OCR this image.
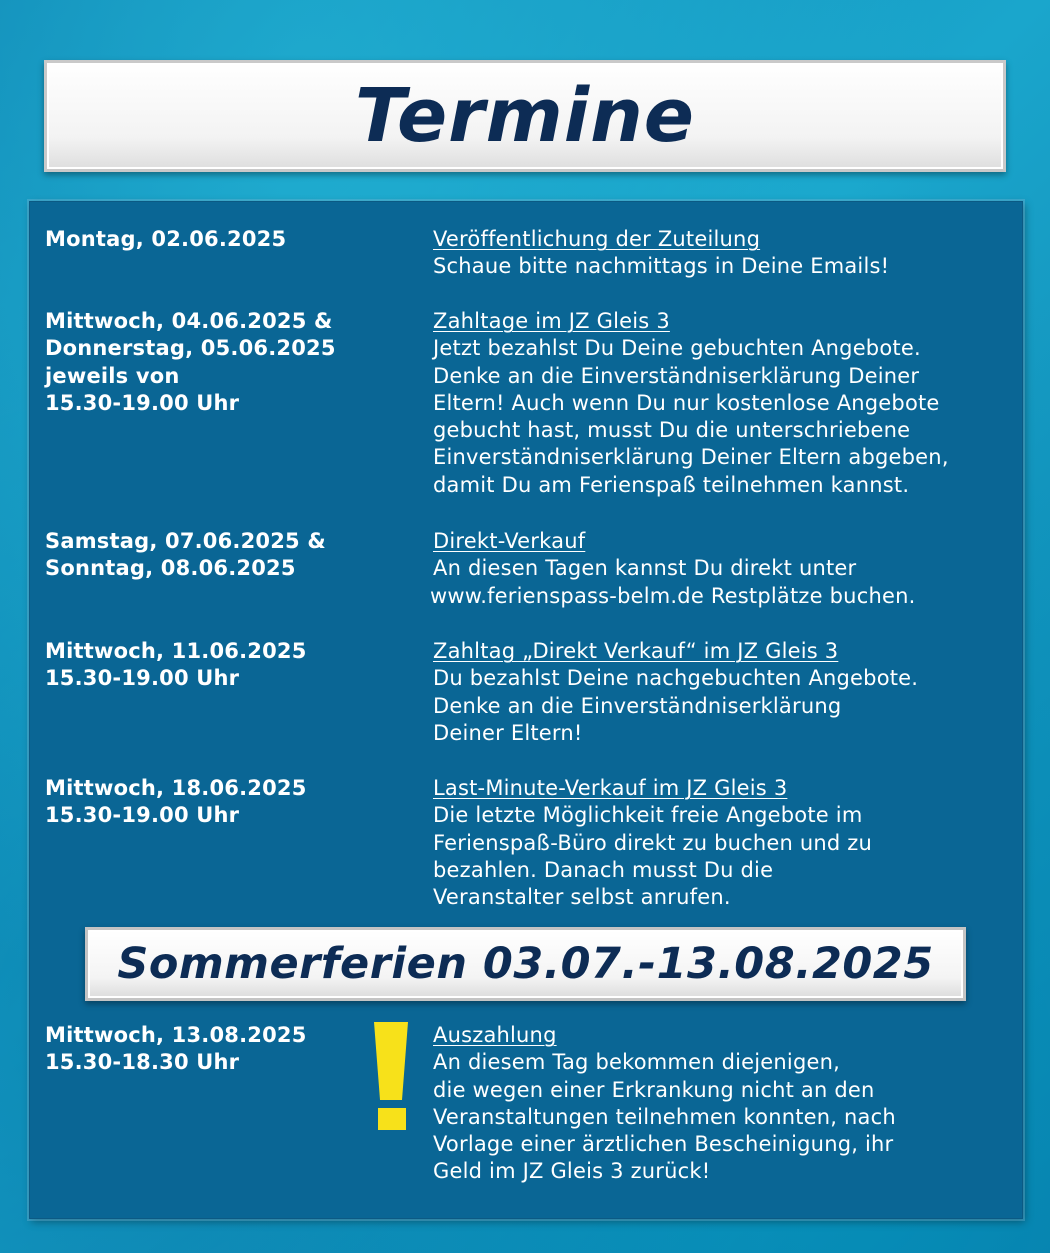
Termine
Montag, 02.06.2025	Veröffentlichung der Zuteilung
Schaue bitte nachmittags in Deine Emails!
Mittwoch, 04.06.2025 &
Donnerstag, 05.06.2025
jeweils von
15.30-19.00 Uhr
Zahltage im JZ Gleis 3
Jetzt bezahlst Du Deine gebuchten Angebote.
Denke an die Einverständniserklärung Deiner
Eltern! Auch wenn Du nur kostenlose Angebote
gebucht hast, musst Du die unterschriebene
Einverständniserklärung Deiner Eltern abgeben,
damit Du am Ferienspaß teilnehmen kannst.
Samstag, 07.06.2025 &
Sonntag, 08.06.2025
Direkt-Verkauf
An diesen Tagen kannst Du direkt unter
www.ferienspass-belm.de Restplätze buchen.
Mittwoch, 11.06.2025
15.30-19.00 Uhr
Zahltag „Direkt Verkauf“ im JZ Gleis 3
Du bezahlst Deine nachgebuchten Angebote.
Denke an die Einverständniserklärung
Deiner Eltern!
Mittwoch, 18.06.2025
15.30-19.00 Uhr
Last-Minute-Verkauf im JZ Gleis 3
Die letzte Möglichkeit freie Angebote im
Ferienspaß-Büro direkt zu buchen und zu
bezahlen. Danach musst Du die
Veranstalter selbst anrufen.
Sommerferien 03.07.-13.08.2025
Mittwoch, 13.08.2025
15.30-18.30 Uhr
Auszahlung
An diesem Tag bekommen diejenigen,
die wegen einer Erkrankung nicht an den
Veranstaltungen teilnehmen konnten, nach
Vorlage einer ärztlichen Bescheinigung, ihr
Geld im JZ Gleis 3 zurück!
